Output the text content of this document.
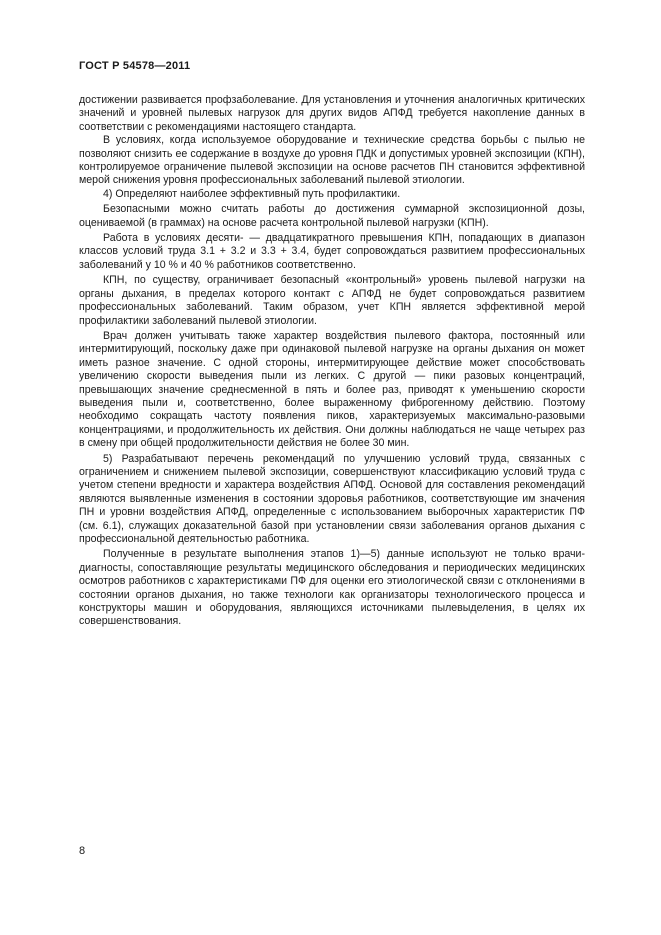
ГОСТ Р 54578—2011

достижении развивается профзаболевание. Для установления и уточнения аналогичных критических значений и уровней пылевых нагрузок для других видов АПФД требуется накопление данных в соответствии с рекомендациями настоящего стандарта.

В условиях, когда используемое оборудование и технические средства борьбы с пылью не позволяют снизить ее содержание в воздухе до уровня ПДК и допустимых уровней экспозиции (КПН), контролируемое ограничение пылевой экспозиции на основе расчетов ПН становится эффективной мерой снижения уровня профессиональных заболеваний пылевой этиологии.

4) Определяют наиболее эффективный путь профилактики.

Безопасными можно считать работы до достижения суммарной экспозиционной дозы, оцениваемой (в граммах) на основе расчета контрольной пылевой нагрузки (КПН).

Работа в условиях десяти- — двадцатикратного превышения КПН, попадающих в диапазон классов условий труда 3.1 + 3.2 и 3.3 + 3.4, будет сопровождаться развитием профессиональных заболеваний у 10 % и 40 % работников соответственно.

КПН, по существу, ограничивает безопасный «контрольный» уровень пылевой нагрузки на органы дыхания, в пределах которого контакт с АПФД не будет сопровождаться развитием профессиональных заболеваний. Таким образом, учет КПН является эффективной мерой профилактики заболеваний пылевой этиологии.

Врач должен учитывать также характер воздействия пылевого фактора, постоянный или интермитирующий, поскольку даже при одинаковой пылевой нагрузке на органы дыхания он может иметь разное значение. С одной стороны, интермитирующее действие может способствовать увеличению скорости выведения пыли из легких. С другой — пики разовых концентраций, превышающих значение среднесменной в пять и более раз, приводят к уменьшению скорости выведения пыли и, соответственно, более выраженному фиброгенному действию. Поэтому необходимо сокращать частоту появления пиков, характеризуемых максимально-разовыми концентрациями, и продолжительность их действия. Они должны наблюдаться не чаще четырех раз в смену при общей продолжительности действия не более 30 мин.

5) Разрабатывают перечень рекомендаций по улучшению условий труда, связанных с ограничением и снижением пылевой экспозиции, совершенствуют классификацию условий труда с учетом степени вредности и характера воздействия АПФД. Основой для составления рекомендаций являются выявленные изменения в состоянии здоровья работников, соответствующие им значения ПН и уровни воздействия АПФД, определенные с использованием выборочных характеристик ПФ (см. 6.1), служащих доказательной базой при установлении связи заболевания органов дыхания с профессиональной деятельностью работника.

Полученные в результате выполнения этапов 1)—5) данные используют не только врачи-диагносты, сопоставляющие результаты медицинского обследования и периодических медицинских осмотров работников с характеристиками ПФ для оценки его этиологической связи с отклонениями в состоянии органов дыхания, но также технологи как организаторы технологического процесса и конструкторы машин и оборудования, являющихся источниками пылевыделения, в целях их совершенствования.

8
